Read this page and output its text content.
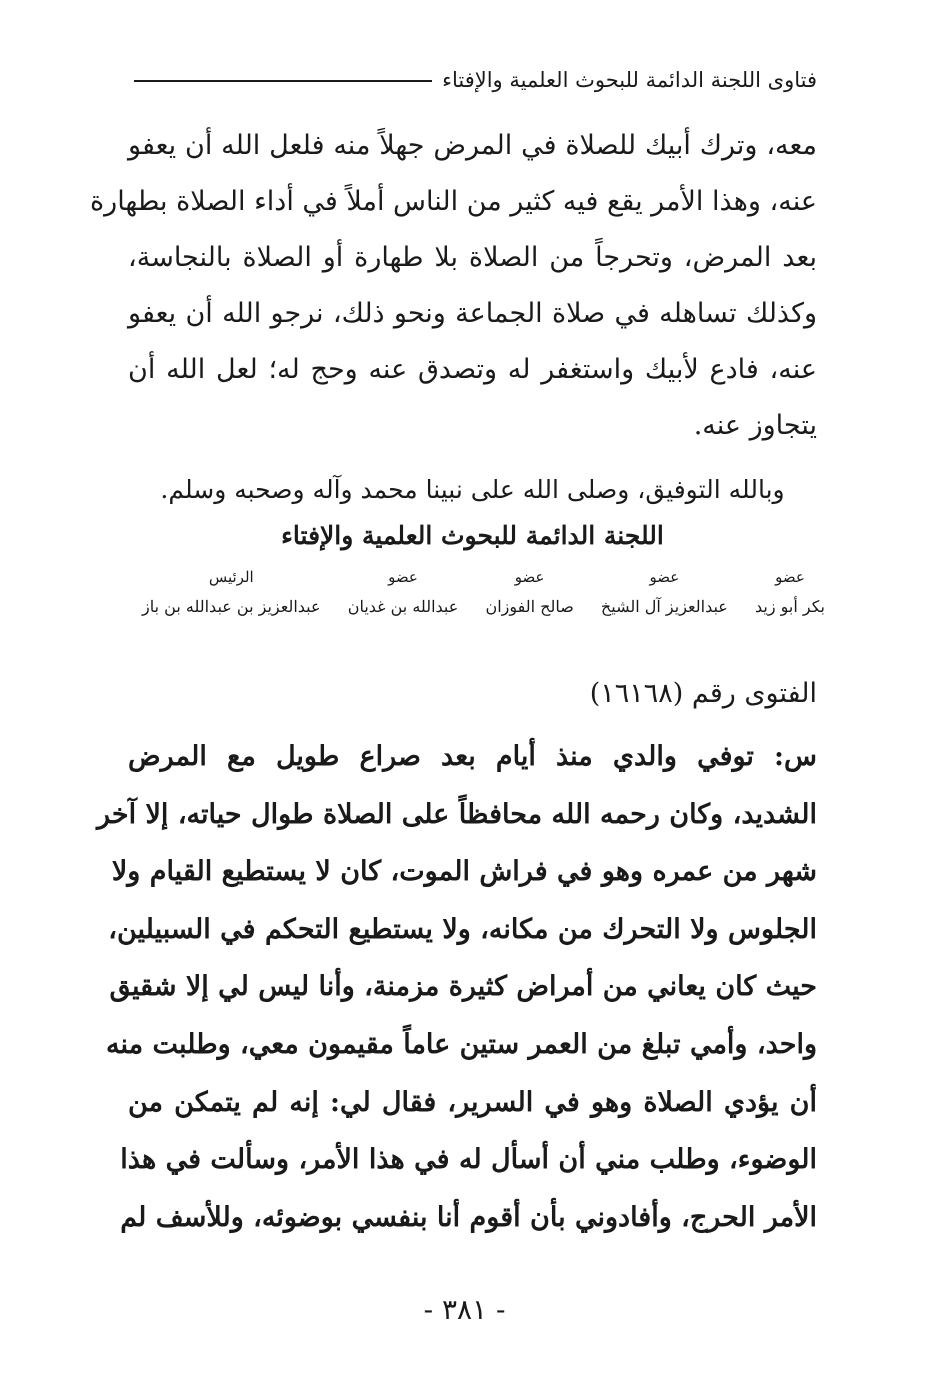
فتاوى اللجنة الدائمة للبحوث العلمية والإفتاء
معه، وترك أبيك للصلاة في المرض جهلاً منه فلعل الله أن يعفو
عنه، وهذا الأمر يقع فيه كثير من الناس أملاً في أداء الصلاة بطهارة
بعد المرض، وتحرجاً من الصلاة بلا طهارة أو الصلاة بالنجاسة،
وكذلك تساهله في صلاة الجماعة ونحو ذلك، نرجو الله أن يعفو
عنه، فادع لأبيك واستغفر له وتصدق عنه وحج له؛ لعل الله أن
يتجاوز عنه.
وبالله التوفيق، وصلى الله على نبينا محمد وآله وصحبه وسلم.
اللجنة الدائمة للبحوث العلمية والإفتاء
عضو
بكر أبو زيد
عضو
عبدالعزيز آل الشيخ
عضو
صالح الفوزان
عضو
عبدالله بن غديان
الرئيس
عبدالعزيز بن عبدالله بن باز
الفتوى رقم (١٦١٦٨)
س: توفي والدي منذ أيام بعد صراع طويل مع المرض
الشديد، وكان رحمه الله محافظاً على الصلاة طوال حياته، إلا آخر
شهر من عمره وهو في فراش الموت، كان لا يستطيع القيام ولا
الجلوس ولا التحرك من مكانه، ولا يستطيع التحكم في السبيلين،
حيث كان يعاني من أمراض كثيرة مزمنة، وأنا ليس لي إلا شقيق
واحد، وأمي تبلغ من العمر ستين عاماً مقيمون معي، وطلبت منه
أن يؤدي الصلاة وهو في السرير، فقال لي: إنه لم يتمكن من
الوضوء، وطلب مني أن أسأل له في هذا الأمر، وسألت في هذا
الأمر الحرج، وأفادوني بأن أقوم أنا بنفسي بوضوئه، وللأسف لم
- ٣٨١ -
